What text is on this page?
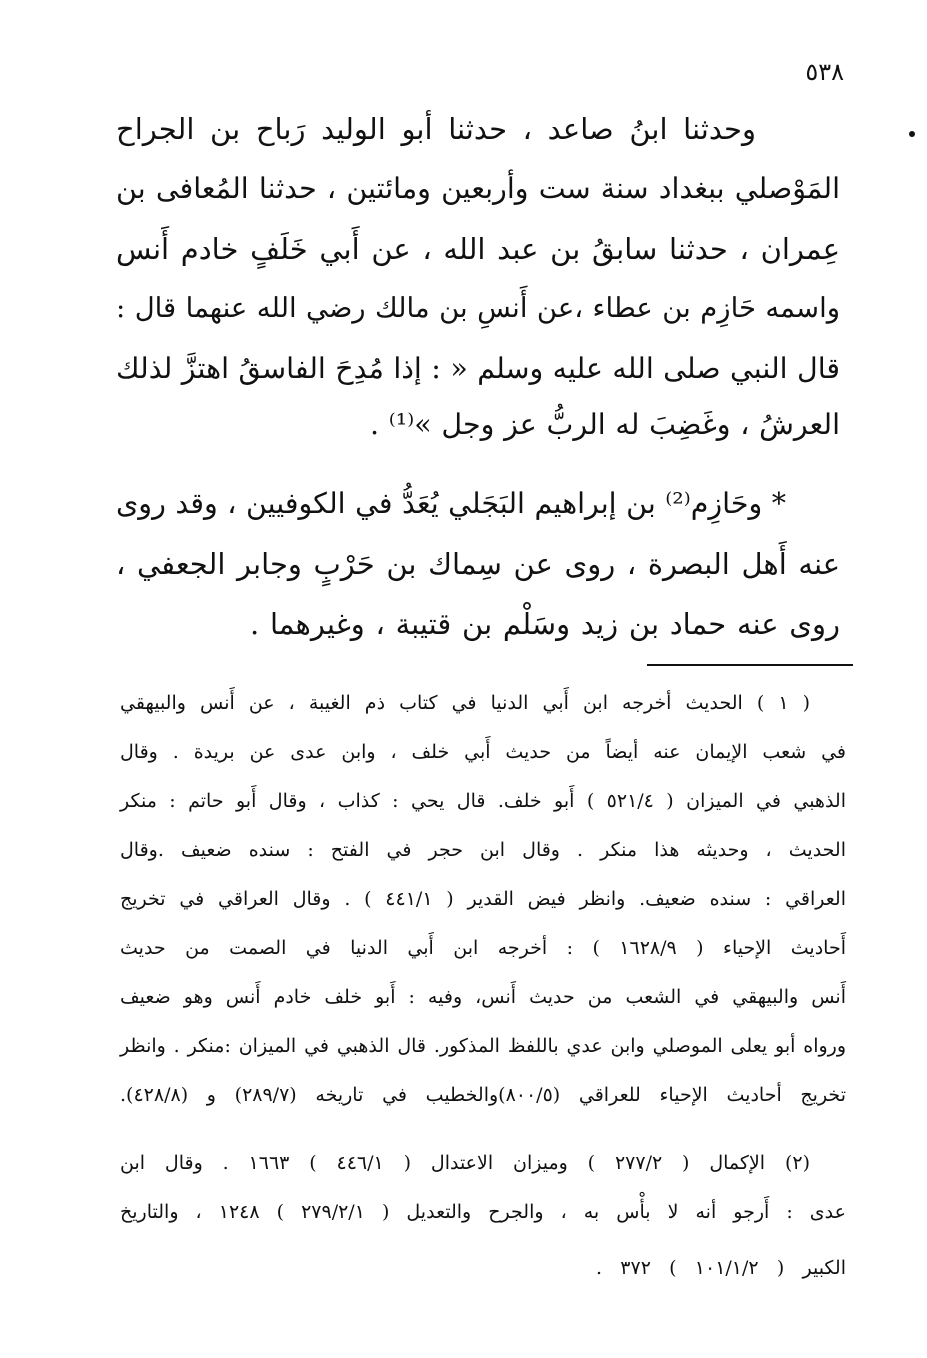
٥٣٨
وحدثنا ابنُ صاعد ، حدثنا أبو الوليد رَباح بن الجراح
المَوْصلي ببغداد سنة ست وأربعين ومائتين ، حدثنا المُعافى بن
عِمران ، حدثنا سابقُ بن عبد الله ، عن أَبي خَلَفٍ خادم أَنس
واسمه حَازِم بن عطاء ،عن أَنسِ بن مالك رضي الله عنهما قال :
قال النبي صلى الله عليه وسلم « : إذا مُدِحَ الفاسقُ اهتزَّ لذلك
العرشُ ، وغَضِبَ له الربُّ عز وجل »⁽¹⁾ .
* وحَازِم⁽²⁾ بن إبراهيم البَجَلي يُعَدُّ في الكوفيين ، وقد روى
عنه أَهل البصرة ، روى عن سِماك بن حَرْبٍ وجابر الجعفي ،
روى عنه حماد بن زيد وسَلْم بن قتيبة ، وغيرهما .
( ١ ) الحديث أخرجه ابن أَبي الدنيا في كتاب ذم الغيبة ، عن أَنس والبيهقي
في شعب الإيمان عنه أيضاً من حديث أَبي خلف ، وابن عدى عن بريدة . وقال
الذهبي في الميزان ( ٥٢١/٤ ) أَبو خلف. قال يحي : كذاب ، وقال أَبو حاتم : منكر
الحديث ، وحديثه هذا منكر . وقال ابن حجر في الفتح : سنده ضعيف .وقال
العراقي : سنده ضعيف. وانظر فيض القدير ( ٤٤١/١ ) . وقال العراقي في تخريج
أَحاديث الإحياء ( ١٦٢٨/٩ ) : أخرجه ابن أَبي الدنيا في الصمت من حديث
أَنس والبيهقي في الشعب من حديث أَنس، وفيه : أَبو خلف خادم أَنس وهو ضعيف
ورواه أبو يعلى الموصلي وابن عدي باللفظ المذكور. قال الذهبي في الميزان :منكر . وانظر
تخريج أحاديث الإحياء للعراقي (٨٠٠/٥)والخطيب في تاريخه (٢٨٩/٧) و (٤٢٨/٨).
(٢) الإكمال ( ٢٧٧/٢ ) وميزان الاعتدال ( ٤٤٦/١ ) ١٦٦٣ . وقال ابن
عدى : أَرجو أنه لا بأْس به ، والجرح والتعديل ( ٢٧٩/٢/١ ) ١٢٤٨ ، والتاريخ
الكبير ( ١٠١/١/٢ ) ٣٧٢ .
